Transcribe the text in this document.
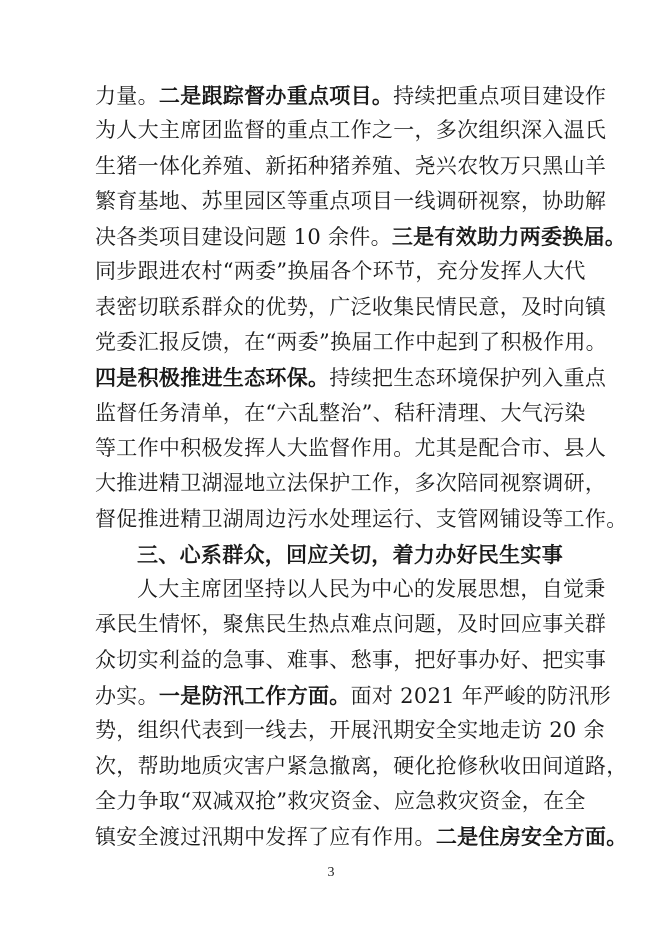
力量。二是跟踪督办重点项目。持续把重点项目建设作
为人大主席团监督的重点工作之一，多次组织深入温氏
生猪一体化养殖、新拓种猪养殖、尧兴农牧万只黑山羊
繁育基地、苏里园区等重点项目一线调研视察，协助解
决各类项目建设问题 10 余件。三是有效助力两委换届。
同步跟进农村“两委”换届各个环节，充分发挥人大代
表密切联系群众的优势，广泛收集民情民意，及时向镇
党委汇报反馈，在“两委”换届工作中起到了积极作用。
四是积极推进生态环保。持续把生态环境保护列入重点
监督任务清单，在“六乱整治”、秸秆清理、大气污染
等工作中积极发挥人大监督作用。尤其是配合市、县人
大推进精卫湖湿地立法保护工作，多次陪同视察调研，
督促推进精卫湖周边污水处理运行、支管网铺设等工作。
三、心系群众，回应关切，着力办好民生实事
人大主席团坚持以人民为中心的发展思想，自觉秉
承民生情怀，聚焦民生热点难点问题，及时回应事关群
众切实利益的急事、难事、愁事，把好事办好、把实事
办实。一是防汛工作方面。面对 2021 年严峻的防汛形
势，组织代表到一线去，开展汛期安全实地走访 20 余
次，帮助地质灾害户紧急撤离，硬化抢修秋收田间道路，
全力争取“双减双抢”救灾资金、应急救灾资金，在全
镇安全渡过汛期中发挥了应有作用。二是住房安全方面。
3
